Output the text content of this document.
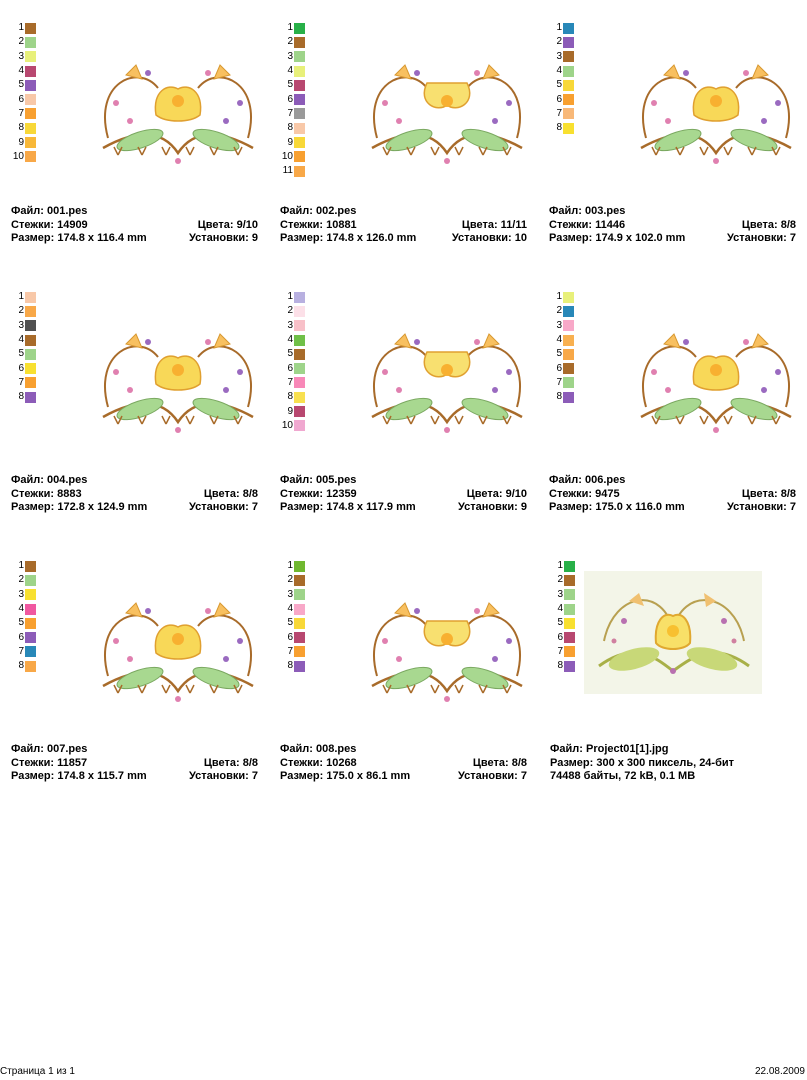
1
2
3
4
5
6
7
8
9
10
Файл: 001.pes
Стежки: 14909	Цвета: 9/10
Размер: 174.8 x 116.4 mm	Установки: 9
1
2
3
4
5
6
7
8
9
10
11
Файл: 002.pes
Стежки: 10881	Цвета: 11/11
Размер: 174.8 x 126.0 mm	Установки: 10
1
2
3
4
5
6
7
8
Файл: 003.pes
Стежки: 11446	Цвета: 8/8
Размер: 174.9 x 102.0 mm	Установки: 7
1
2
3
4
5
6
7
8
Файл: 004.pes
Стежки: 8883	Цвета: 8/8
Размер: 172.8 x 124.9 mm	Установки: 7
1
2
3
4
5
6
7
8
9
10
Файл: 005.pes
Стежки: 12359	Цвета: 9/10
Размер: 174.8 x 117.9 mm	Установки: 9
1
2
3
4
5
6
7
8
Файл: 006.pes
Стежки: 9475	Цвета: 8/8
Размер: 175.0 x 116.0 mm	Установки: 7
1
2
3
4
5
6
7
8
Файл: 007.pes
Стежки: 11857	Цвета: 8/8
Размер: 174.8 x 115.7 mm	Установки: 7
1
2
3
4
5
6
7
8
Файл: 008.pes
Стежки: 10268	Цвета: 8/8
Размер: 175.0 x 86.1 mm	Установки: 7
1
2
3
4
5
6
7
8
Файл: Project01[1].jpg
Размер: 300 x 300 пиксель, 24-бит
74488 байты, 72 kB, 0.1 MB
Страница 1 из 1	22.08.2009
